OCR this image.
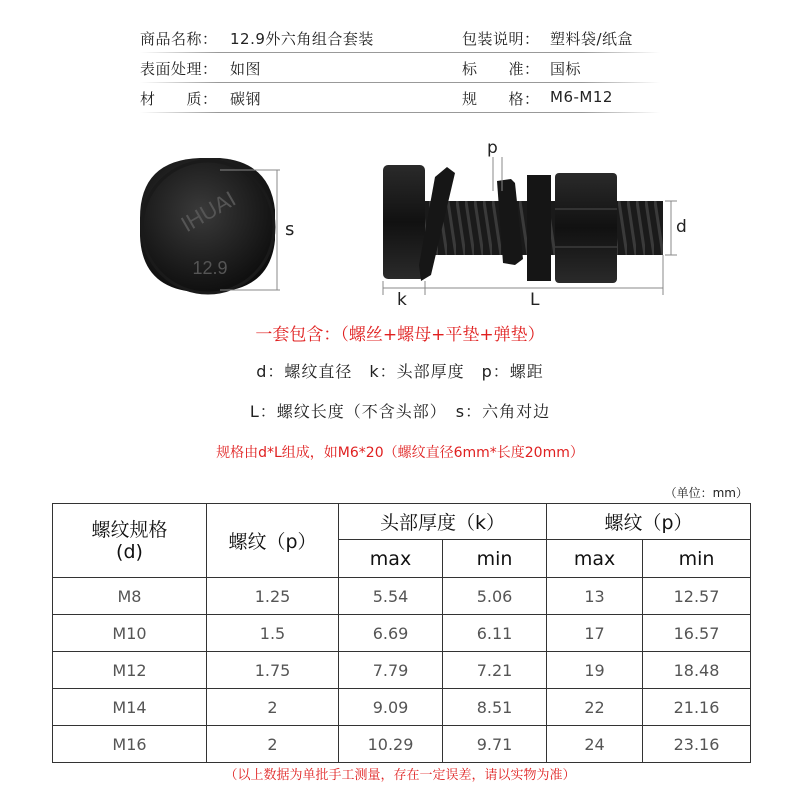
商品名称： 12.9外六角组合套装	包装说明： 塑料袋/纸盒
表面处理： 如图	标　　准： 国标
材　　质： 碳钢	规　　格： M6-M12
IHUAI
12.9
s
k	L
d
p
一套包含：（螺丝+螺母+平垫+弹垫）
d：螺纹直径　k：头部厚度　p：螺距
L：螺纹长度（不含头部）　s：六角对边
规格由d*L组成，如M6*20（螺纹直径6mm*长度20mm）
（单位：mm）
螺纹规格
(d)	螺纹（p）	头部厚度（k）		螺纹（p）	
		max	min	max	min
M8	1.25	5.54	5.06	13	12.57
M10	1.5	6.69	6.11	17	16.57
M12	1.75	7.79	7.21	19	18.48
M14	2	9.09	8.51	22	21.16
M16	2	10.29	9.71	24	23.16
（以上数据为单批手工测量，存在一定误差，请以实物为准）
